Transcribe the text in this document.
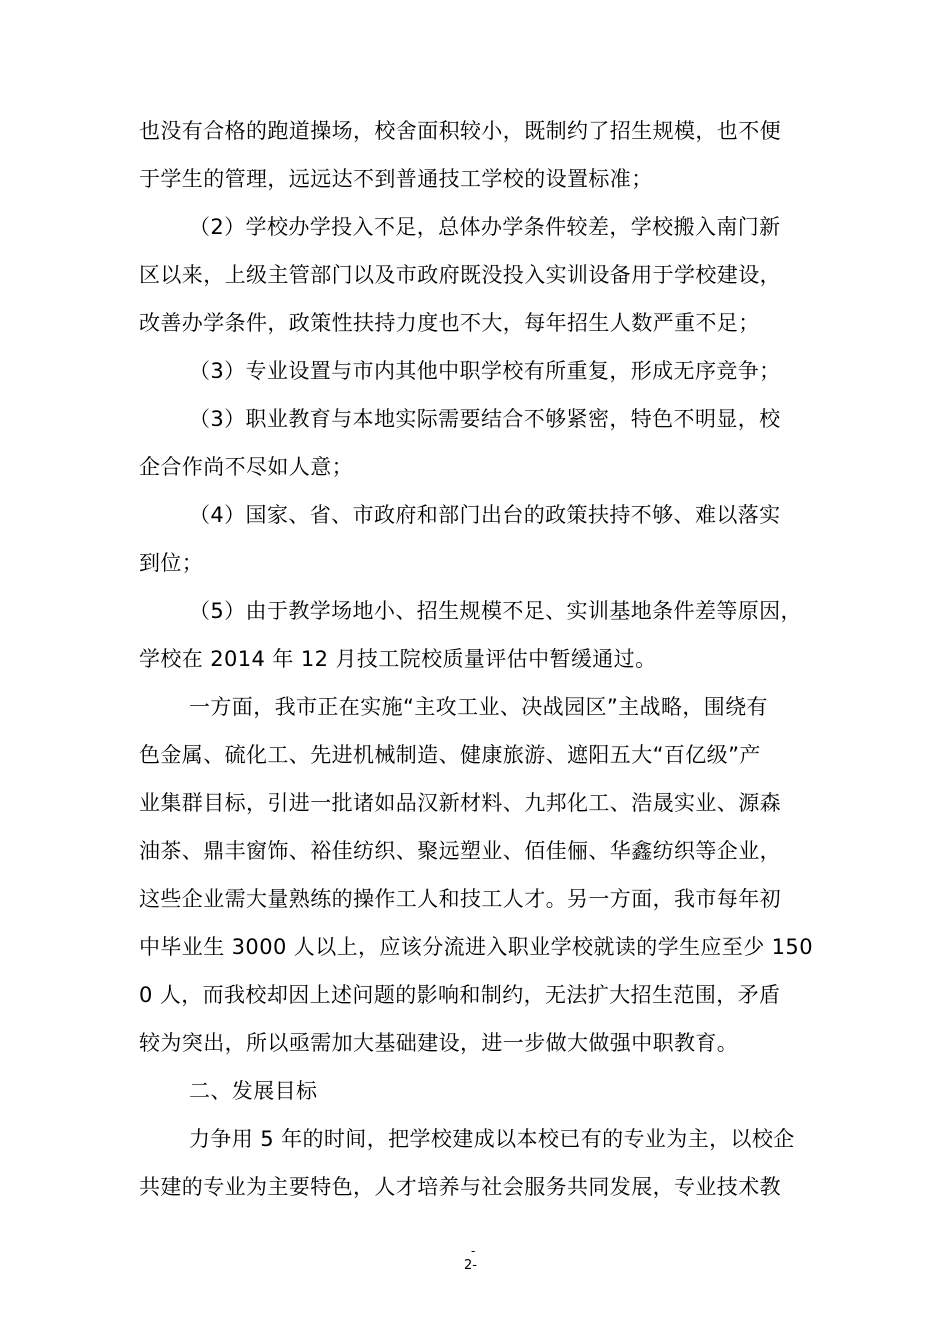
也没有合格的跑道操场，校舍面积较小，既制约了招生规模，也不便
于学生的管理，远远达不到普通技工学校的设置标准；
（2）学校办学投入不足，总体办学条件较差，学校搬入南门新
区以来，上级主管部门以及市政府既没投入实训设备用于学校建设，
改善办学条件，政策性扶持力度也不大，每年招生人数严重不足；
（3）专业设置与市内其他中职学校有所重复，形成无序竞争；
（3）职业教育与本地实际需要结合不够紧密，特色不明显，校
企合作尚不尽如人意；
（4）国家、省、市政府和部门出台的政策扶持不够、难以落实
到位；
（5）由于教学场地小、招生规模不足、实训基地条件差等原因，
学校在 2014 年 12 月技工院校质量评估中暂缓通过。
一方面，我市正在实施“主攻工业、决战园区”主战略，围绕有
色金属、硫化工、先进机械制造、健康旅游、遮阳五大“百亿级”产
业集群目标，引进一批诸如品汉新材料、九邦化工、浩晟实业、源森
油茶、鼎丰窗饰、裕佳纺织、聚远塑业、佰佳俪、华鑫纺织等企业，
这些企业需大量熟练的操作工人和技工人才。另一方面，我市每年初
中毕业生 3000 人以上，应该分流进入职业学校就读的学生应至少 150
0 人，而我校却因上述问题的影响和制约，无法扩大招生范围，矛盾
较为突出，所以亟需加大基础建设，进一步做大做强中职教育。
二、发展目标
力争用 5 年的时间，把学校建成以本校已有的专业为主，以校企
共建的专业为主要特色，人才培养与社会服务共同发展，专业技术教
-
2-
